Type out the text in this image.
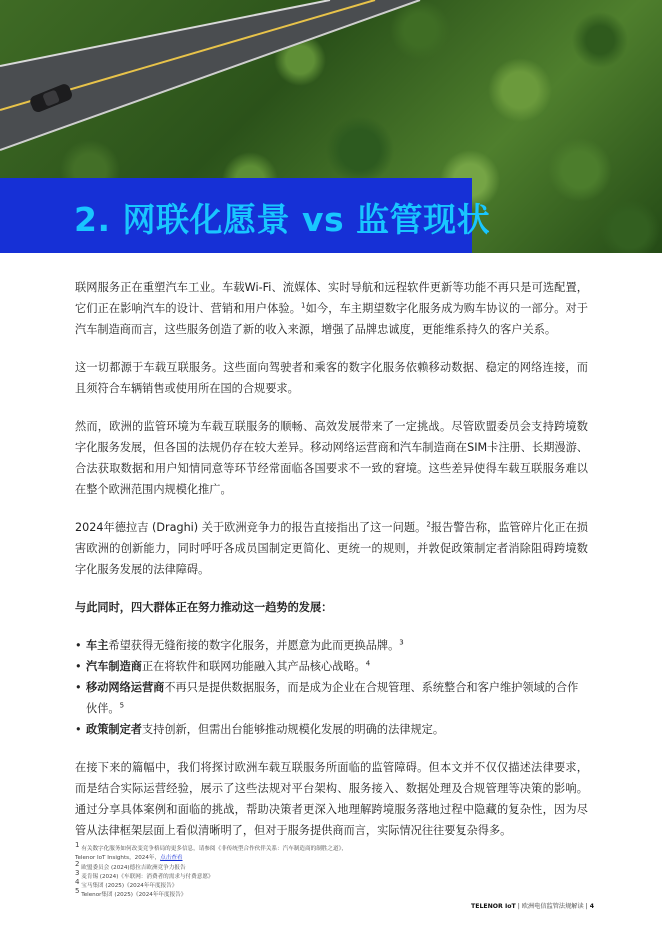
2. 网联化愿景 vs 监管现状

联网服务正在重塑汽车工业。车载Wi-Fi、流媒体、实时导航和远程软件更新等功能不再只是可选配置，它们正在影响汽车的设计、营销和用户体验。$^1$如今，车主期望数字化服务成为购车协议的一部分。对于汽车制造商而言，这些服务创造了新的收入来源，增强了品牌忠诚度，更能维系持久的客户关系。

这一切都源于车载互联服务。这些面向驾驶者和乘客的数字化服务依赖移动数据、稳定的网络连接，而且须符合车辆销售或使用所在国的合规要求。

然而，欧洲的监管环境为车载互联服务的顺畅、高效发展带来了一定挑战。尽管欧盟委员会支持跨境数字化服务发展，但各国的法规仍存在较大差异。移动网络运营商和汽车制造商在SIM卡注册、长期漫游、合法获取数据和用户知情同意等环节经常面临各国要求不一致的窘境。这些差异使得车载互联服务难以在整个欧洲范围内规模化推广。

2024年德拉吉 (Draghi) 关于欧洲竞争力的报告直接指出了这一问题。$^2$报告警告称，监管碎片化正在损害欧洲的创新能力，同时呼吁各成员国制定更简化、更统一的规则，并敦促政策制定者消除阻碍跨境数字化服务发展的法律障碍。

与此同时，四大群体正在努力推动这一趋势的发展：

• 车主希望获得无缝衔接的数字化服务，并愿意为此而更换品牌。$^3$
• 汽车制造商正在将软件和联网功能融入其产品核心战略。$^4$
• 移动网络运营商不再只是提供数据服务，而是成为企业在合规管理、系统整合和客户维护领域的合作伙伴。$^5$
• 政策制定者支持创新，但需出台能够推动规模化发展的明确的法律规定。

在接下来的篇幅中，我们将探讨欧洲车载互联服务所面临的监管障碍。但本文并不仅仅描述法律要求，而是结合实际运营经验，展示了这些法规对平台架构、服务接入、数据处理及合规管理等决策的影响。通过分享具体案例和面临的挑战，帮助决策者更深入地理解跨境服务落地过程中隐藏的复杂性，因为尽管从法律框架层面上看似清晰明了，但对于服务提供商而言，实际情况往往要复杂得多。

$^1$ 有关数字化服务如何改变竞争格局的更多信息，请参阅《非传统型合作伙伴关系：汽车制造商的制胜之道》，
Telenor IoT Insights，2024年，点击查看
$^2$ 欧盟委员会 (2024)德拉吉欧洲竞争力报告
$^3$ 麦肯锡 (2024)《车联网：消费者的需求与付费意愿》
$^4$ 宝马集团 (2025)《2024年年度报告》
$^5$ Telenor集团 (2025)《2024年年度报告》
TELENOR IoT | 欧洲电信监管法规解读 | 4
